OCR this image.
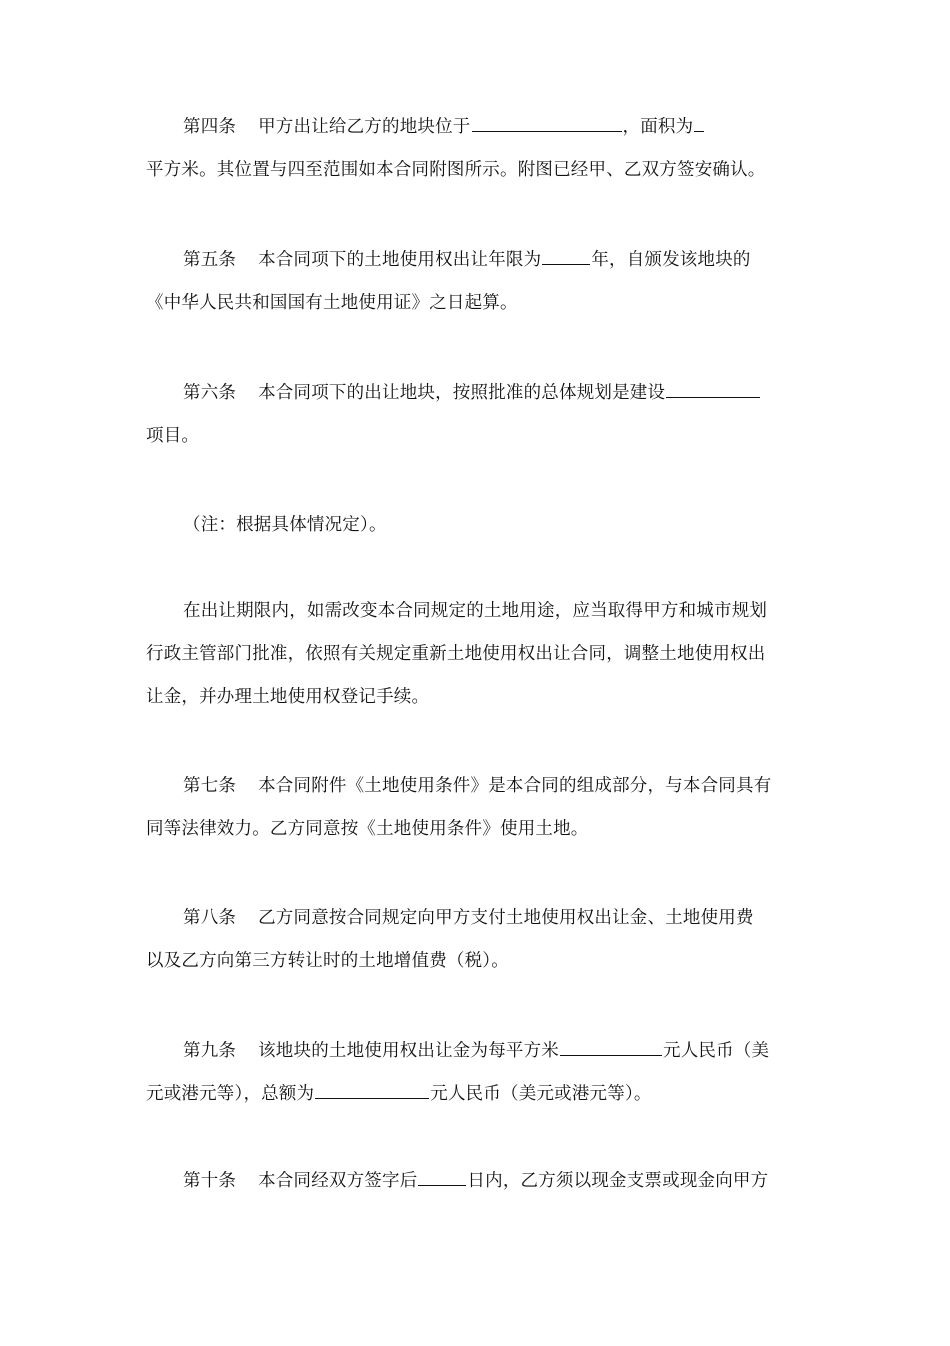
第四条 甲方出让给乙方的地块位于	，面积为
平方米。其位置与四至范围如本合同附图所示。附图已经甲、乙双方签安确认。
第五条 本合同项下的土地使用权出让年限为	年，自颁发该地块的
《中华人民共和国国有土地使用证》之日起算。
第六条 本合同项下的出让地块，按照批准的总体规划是建设
项目。
（注：根据具体情况定）。
在出让期限内，如需改变本合同规定的土地用途，应当取得甲方和城市规划
行政主管部门批准，依照有关规定重新土地使用权出让合同，调整土地使用权出
让金，并办理土地使用权登记手续。
第七条 本合同附件《土地使用条件》是本合同的组成部分，与本合同具有
同等法律效力。乙方同意按《土地使用条件》使用土地。
第八条 乙方同意按合同规定向甲方支付土地使用权出让金、土地使用费
以及乙方向第三方转让时的土地增值费（税）。
第九条 该地块的土地使用权出让金为每平方米	元人民币（美
元或港元等），总额为	元人民币（美元或港元等）。
第十条 本合同经双方签字后	日内，乙方须以现金支票或现金向甲方
